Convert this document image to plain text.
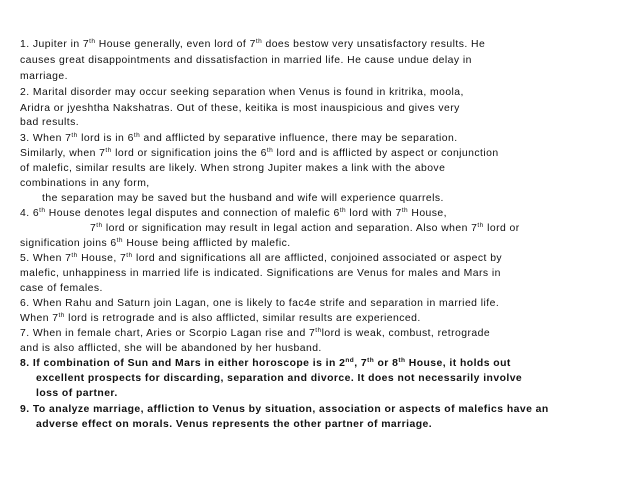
1. Jupiter in 7th House generally, even lord of 7th does bestow very unsatisfactory results. He
causes great disappointments and dissatisfaction in married life. He cause undue delay in
marriage.
2. Marital disorder may occur seeking separation when Venus is found in kritrika, moola,
Aridra or jyeshtha Nakshatras. Out of these, keitika is most inauspicious and gives very
bad results.
3. When 7th lord is in 6th and afflicted by separative influence, there may be separation.
Similarly, when 7th lord or signification joins the 6th lord and is afflicted by aspect or conjunction
of malefic, similar results are likely. When strong Jupiter makes a link with the above
combinations in any form,
the separation may be saved but the husband and wife will experience quarrels.
4. 6th House denotes legal disputes and connection of malefic 6th lord with 7th House,
7th lord or signification may result in legal action and separation. Also when 7th lord or
signification joins 6th House being afflicted by malefic.
5. When 7th House, 7th lord and significations all are afflicted, conjoined associated or aspect by
malefic, unhappiness in married life is indicated. Significations are Venus for males and Mars in
case of females.
6. When Rahu and Saturn join Lagan, one is likely to fac4e strife and separation in married life.
When 7th lord is retrograde and is also afflicted, similar results are experienced.
7. When in female chart, Aries or Scorpio Lagan rise and 7thlord is weak, combust, retrograde
and is also afflicted, she will be abandoned by her husband.
8. If combination of Sun and Mars in either horoscope is in 2nd, 7th or 8th House, it holds out
excellent prospects for discarding, separation and divorce. It does not necessarily involve
loss of partner.
9. To analyze marriage, affliction to Venus by situation, association or aspects of malefics have an
adverse effect on morals. Venus represents the other partner of marriage.
